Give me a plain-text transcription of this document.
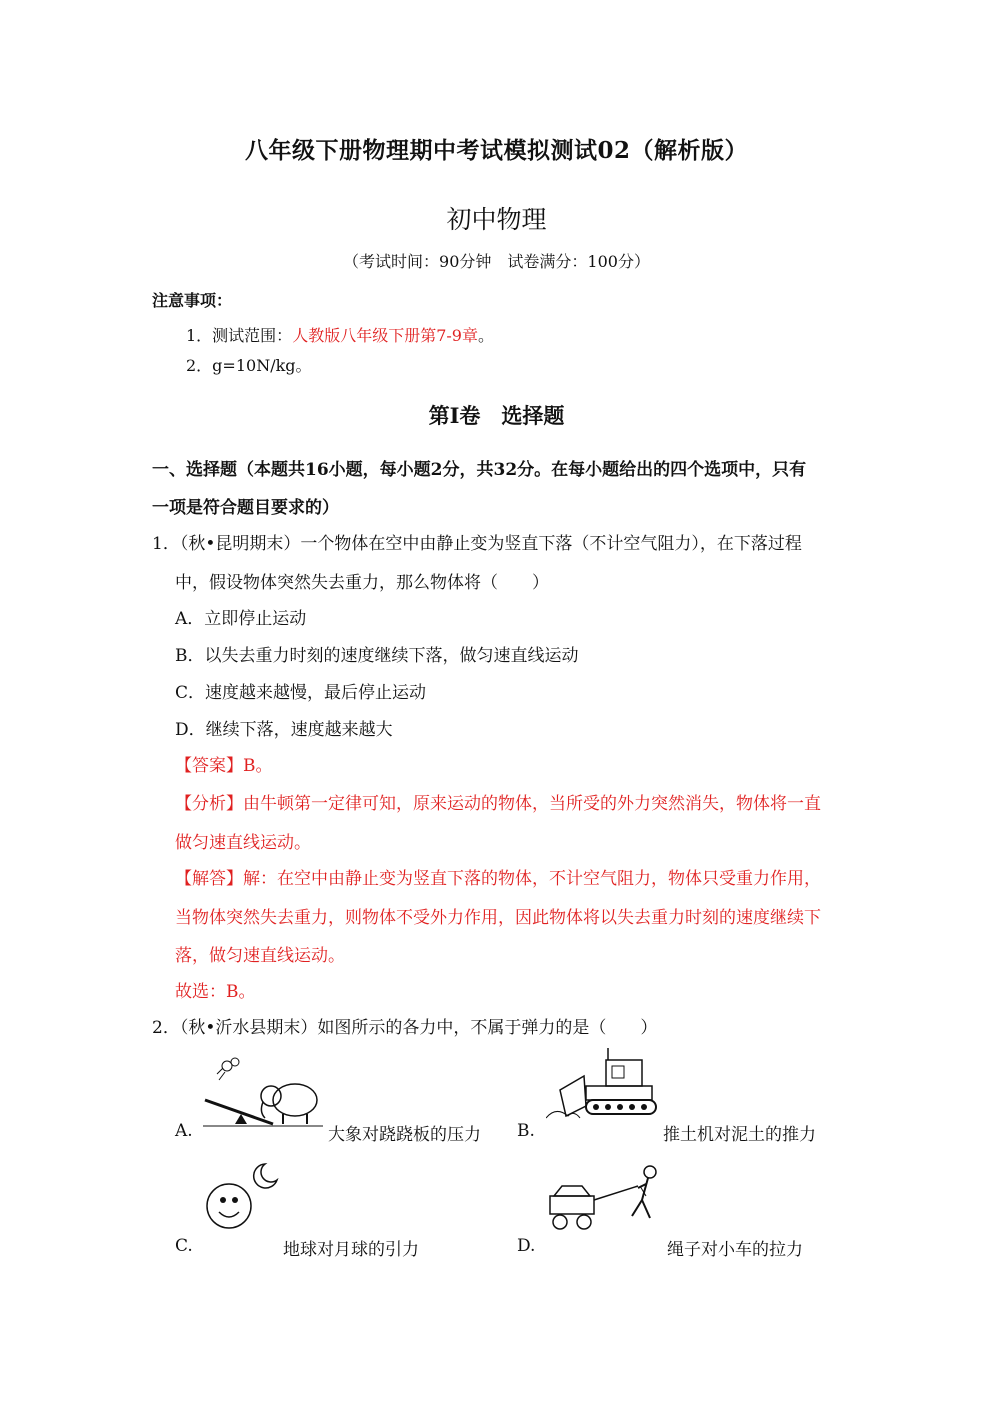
八年级下册物理期中考试模拟测试02（解析版）
初中物理
（考试时间：90分钟　试卷满分：100分）
注意事项：
1．测试范围：人教版八年级下册第7-9章。
2．g=10N/kg。
第Ⅰ卷　选择题
一、选择题（本题共16小题，每小题2分，共32分。在每小题给出的四个选项中，只有
一项是符合题目要求的）
1．（秋•昆明期末）一个物体在空中由静止变为竖直下落（不计空气阻力），在下落过程
中，假设物体突然失去重力，那么物体将（　　）
A．立即停止运动
B．以失去重力时刻的速度继续下落，做匀速直线运动
C．速度越来越慢，最后停止运动
D．继续下落，速度越来越大
【答案】B。
【分析】由牛顿第一定律可知，原来运动的物体，当所受的外力突然消失，物体将一直
做匀速直线运动。
【解答】解：在空中由静止变为竖直下落的物体，不计空气阻力，物体只受重力作用，
当物体突然失去重力，则物体不受外力作用，因此物体将以失去重力时刻的速度继续下
落，做匀速直线运动。
故选：B。
2．（秋•沂水县期末）如图所示的各力中，不属于弹力的是（　　）
A.	大象对跷跷板的压力 B.	推土机对泥土的推力
C.	地球对月球的引力	D.	绳子对小车的拉力
